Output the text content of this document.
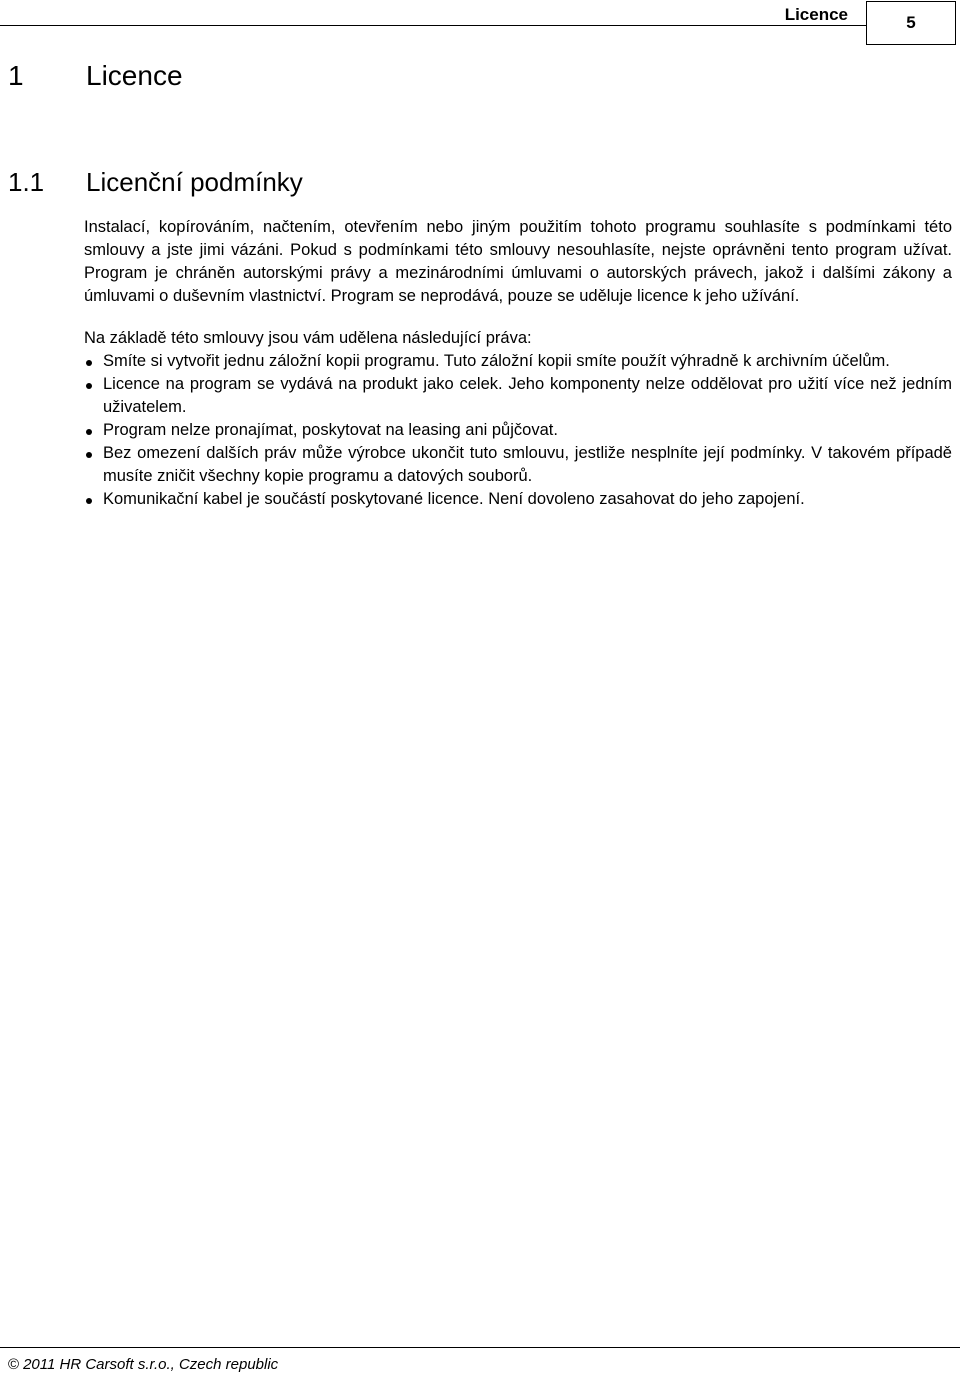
Licence	5
1 Licence
1.1 Licenční podmínky

Instalací, kopírováním, načtením, otevřením nebo jiným použitím tohoto programu souhlasíte s podmínkami této smlouvy a jste jimi vázáni. Pokud s podmínkami této smlouvy nesouhlasíte, nejste oprávněni tento program užívat. Program je chráněn autorskými právy a mezinárodními úmluvami o autorských právech, jakož i dalšími zákony a úmluvami o duševním vlastnictví. Program se neprodává, pouze se uděluje licence k jeho užívání.

Na základě této smlouvy jsou vám udělena následující práva:

Smíte si vytvořit jednu záložní kopii programu. Tuto záložní kopii smíte použít výhradně k archivním účelům.
Licence na program se vydává na produkt jako celek. Jeho komponenty nelze oddělovat pro užití více než jedním uživatelem.
Program nelze pronajímat, poskytovat na leasing ani půjčovat.
Bez omezení dalších práv může výrobce ukončit tuto smlouvu, jestliže nesplníte její podmínky. V takovém případě musíte zničit všechny kopie programu a datových souborů.
Komunikační kabel je součástí poskytované licence. Není dovoleno zasahovat do jeho zapojení.
© 2011 HR Carsoft s.r.o., Czech republic
